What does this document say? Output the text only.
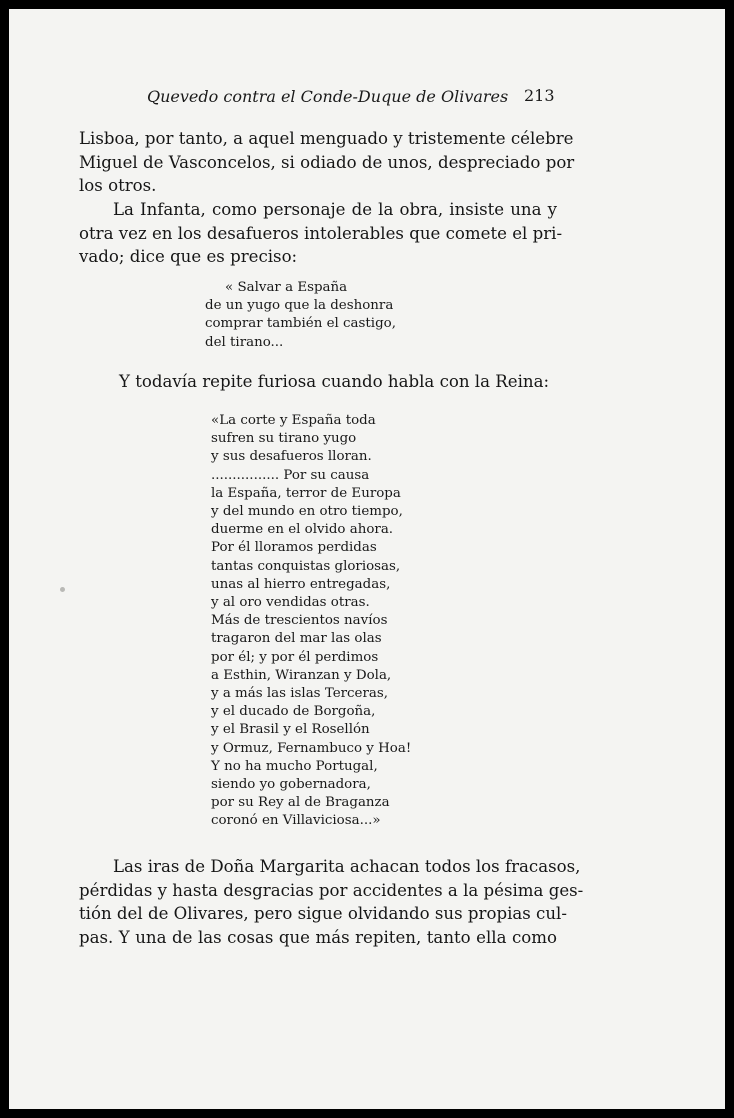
Quevedo contra el Conde-Duque de Olivares 213
Lisboa, por tanto, a aquel menguado y tristemente célebre
Miguel de Vasconcelos, si odiado de unos, despreciado por
los otros.
La Infanta, como personaje de la obra, insiste una y
otra vez en los desafueros intolerables que comete el pri-
vado; dice que es preciso:
« Salvar a España
de un yugo que la deshonra
comprar también el castigo,
del tirano...
Y todavía repite furiosa cuando habla con la Reina:
«La corte y España toda
sufren su tirano yugo
y sus desafueros lloran.
................ Por su causa
la España, terror de Europa
y del mundo en otro tiempo,
duerme en el olvido ahora.
Por él lloramos perdidas
tantas conquistas gloriosas,
unas al hierro entregadas,
y al oro vendidas otras.
Más de trescientos navíos
tragaron del mar las olas
por él; y por él perdimos
a Esthin, Wiranzan y Dola,
y a más las islas Terceras,
y el ducado de Borgoña,
y el Brasil y el Rosellón
y Ormuz, Fernambuco y Hoa!
Y no ha mucho Portugal,
siendo yo gobernadora,
por su Rey al de Braganza
coronó en Villaviciosa...»
Las iras de Doña Margarita achacan todos los fracasos,
pérdidas y hasta desgracias por accidentes a la pésima ges-
tión del de Olivares, pero sigue olvidando sus propias cul-
pas. Y una de las cosas que más repiten, tanto ella como
